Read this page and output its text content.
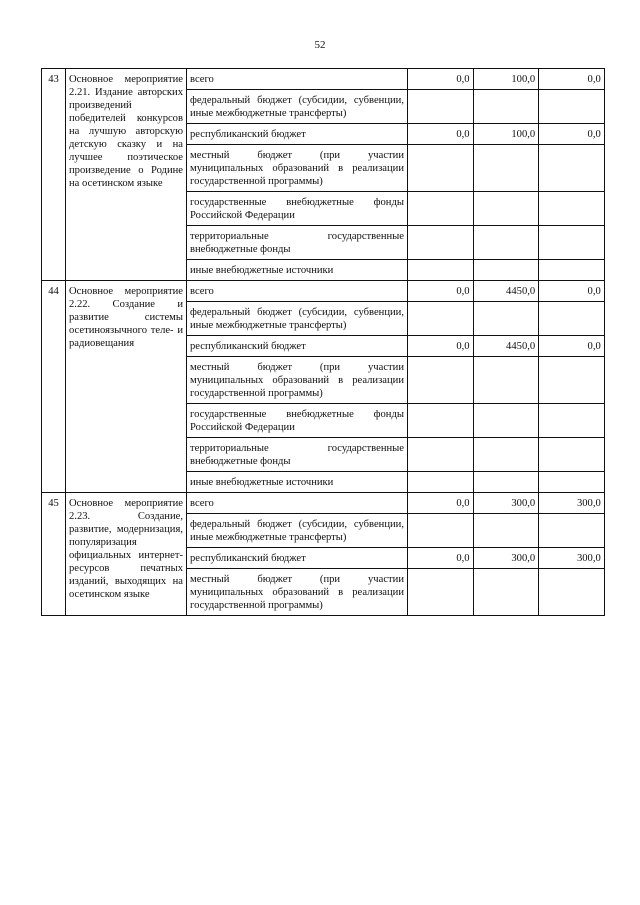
52
43	Основное мероприятие 2.21. Издание авторских произведений победителей конкурсов на лучшую авторскую детскую сказку и на лучшее поэтическое произведение о Родине на осетинском языке	всего	0,0	100,0	0,0
		федеральный бюджет (субсидии, субвенции, иные межбюджетные трансферты)			
		республиканский бюджет	0,0	100,0	0,0
		местный бюджет (при участии муниципальных образований в реализации государственной программы)			
		государственные внебюджетные фонды Российской Федерации			
		территориальные государственные внебюджетные фонды			
		иные внебюджетные источники			
44	Основное мероприятие 2.22. Создание и развитие системы осетиноязычного теле- и радиовещания	всего	0,0	4450,0	0,0
		федеральный бюджет (субсидии, субвенции, иные межбюджетные трансферты)			
		республиканский бюджет	0,0	4450,0	0,0
		местный бюджет (при участии муниципальных образований в реализации государственной программы)			
		государственные внебюджетные фонды Российской Федерации			
		территориальные государственные внебюджетные фонды			
		иные внебюджетные источники			
45	Основное мероприятие 2.23. Создание, развитие, модернизация, популяризация официальных интернет-ресурсов печатных изданий, выходящих на осетинском языке	всего	0,0	300,0	300,0
		федеральный бюджет (субсидии, субвенции, иные межбюджетные трансферты)			
		республиканский бюджет	0,0	300,0	300,0
		местный бюджет (при участии муниципальных образований в реализации государственной программы)			
